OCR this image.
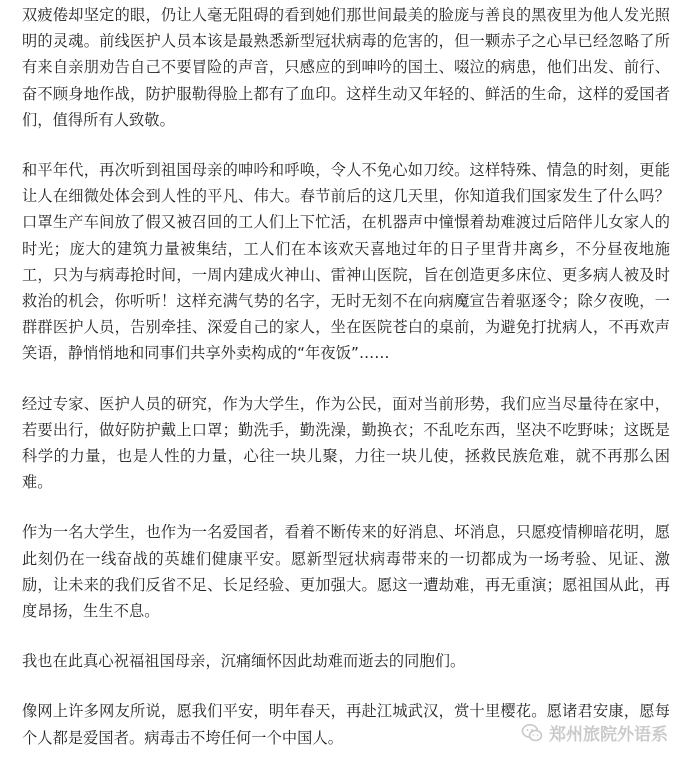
双疲倦却坚定的眼，仍让人毫无阻碍的看到她们那世间最美的脸庞与善良的黑夜里为他人发光照明的灵魂。前线医护人员本该是最熟悉新型冠状病毒的危害的，但一颗赤子之心早已经忽略了所有来自亲朋劝告自己不要冒险的声音，只感应的到呻吟的国土、啜泣的病患，他们出发、前行、奋不顾身地作战，防护服勒得脸上都有了血印。这样生动又年轻的、鲜活的生命，这样的爱国者们，值得所有人致敬。

和平年代，再次听到祖国母亲的呻吟和呼唤，令人不免心如刀绞。这样特殊、情急的时刻，更能让人在细微处体会到人性的平凡、伟大。春节前后的这几天里，你知道我们国家发生了什么吗？口罩生产车间放了假又被召回的工人们上下忙活，在机器声中憧憬着劫难渡过后陪伴儿女家人的时光；庞大的建筑力量被集结，工人们在本该欢天喜地过年的日子里背井离乡，不分昼夜地施工，只为与病毒抢时间，一周内建成火神山、雷神山医院，旨在创造更多床位、更多病人被及时救治的机会，你听听！这样充满气势的名字，无时无刻不在向病魔宣告着驱逐令；除夕夜晚，一群群医护人员，告别牵挂、深爱自己的家人，坐在医院苍白的桌前，为避免打扰病人，不再欢声笑语，静悄悄地和同事们共享外卖构成的“年夜饭”……

经过专家、医护人员的研究，作为大学生，作为公民，面对当前形势，我们应当尽量待在家中，若要出行，做好防护戴上口罩；勤洗手，勤洗澡，勤换衣；不乱吃东西，坚决不吃野味；这既是科学的力量，也是人性的力量，心往一块儿聚，力往一块儿使，拯救民族危难，就不再那么困难。

作为一名大学生，也作为一名爱国者，看着不断传来的好消息、坏消息，只愿疫情柳暗花明，愿此刻仍在一线奋战的英雄们健康平安。愿新型冠状病毒带来的一切都成为一场考验、见证、激励，让未来的我们反省不足、长足经验、更加强大。愿这一遭劫难，再无重演；愿祖国从此，再度昂扬，生生不息。

我也在此真心祝福祖国母亲，沉痛缅怀因此劫难而逝去的同胞们。

像网上许多网友所说，愿我们平安，明年春天，再赴江城武汉，赏十里樱花。愿诸君安康，愿每个人都是爱国者。病毒击不垮任何一个中国人。	郑州旅院外语系
